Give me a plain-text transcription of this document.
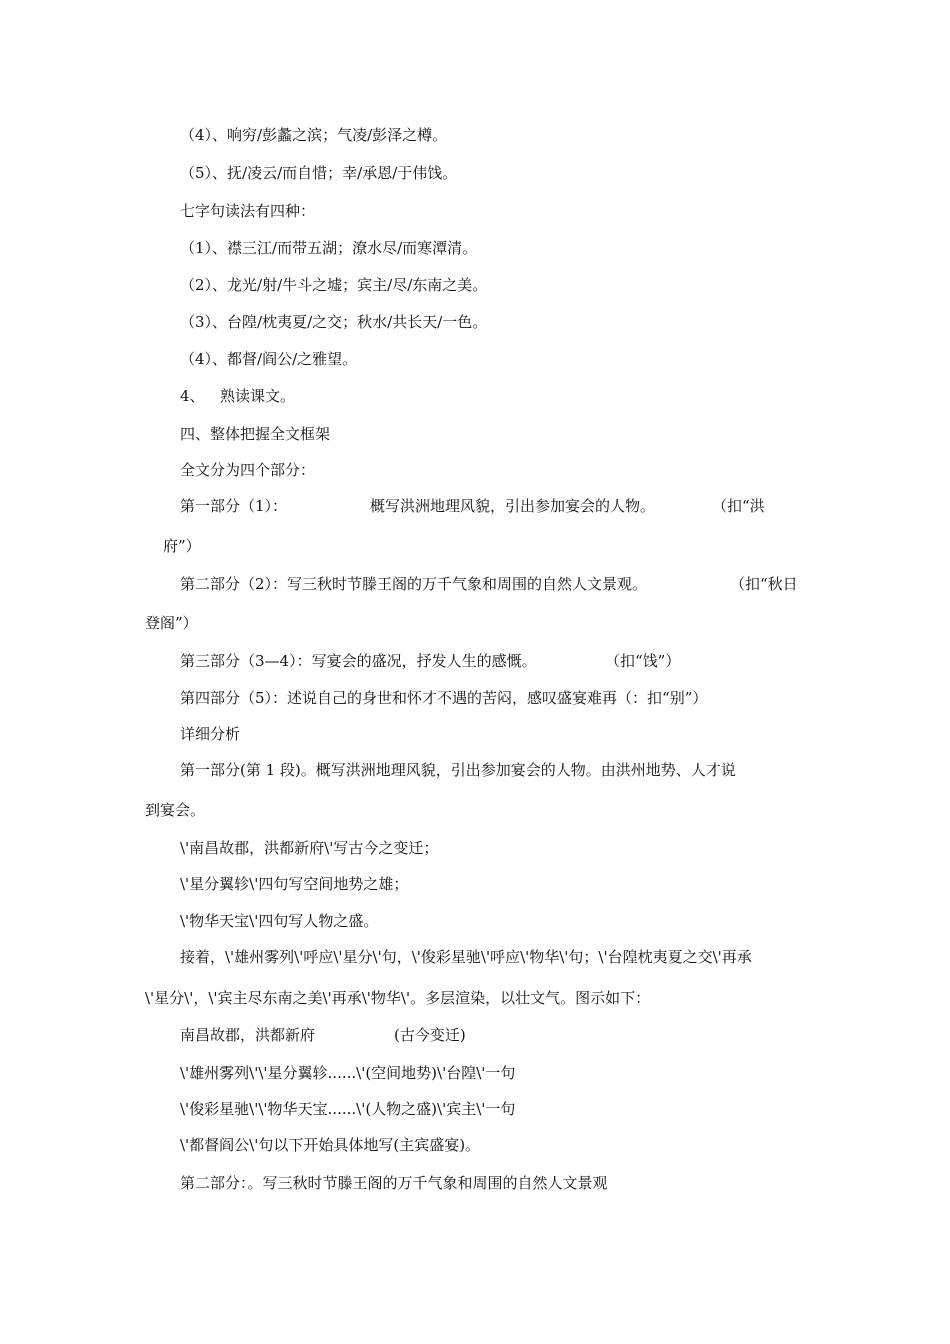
（4）、响穷/彭蠡之滨；气凌/彭泽之樽。
（5）、抚/凌云/而自惜；幸/承恩/于伟饯。
七字句读法有四种：
（1）、襟三江/而带五湖；潦水尽/而寒潭清。
（2）、龙光/射/牛斗之墟；宾主/尽/东南之美。
（3）、台隍/枕夷夏/之交；秋水/共长天/一色。
（4）、都督/阎公/之雅望。
4、 熟读课文。
四、整体把握全文框架
全文分为四个部分：
第一部分（1）：	概写洪洲地理风貌，引出参加宴会的人物。	（扣“洪
府”）
第二部分（2）：写三秋时节滕王阁的万千气象和周围的自然人文景观。	（扣“秋日
登阁”）
第三部分（3—4）：写宴会的盛况，抒发人生的感慨。	（扣“饯”）
第四部分（5）：述说自己的身世和怀才不遇的苦闷，感叹盛宴难再（：扣“别”）
详细分析
第一部分(第 1 段)。概写洪洲地理风貌，引出参加宴会的人物。由洪州地势、人才说
到宴会。
\'南昌故郡，洪都新府\'写古今之变迁；
\'星分翼轸\'四句写空间地势之雄；
\'物华天宝\'四句写人物之盛。
接着，\'雄州雾列\'呼应\'星分\'句，\'俊彩星驰\'呼应\'物华\'句；\'台隍枕夷夏之交\'再承
\'星分\'，\'宾主尽东南之美\'再承\'物华\'。多层渲染，以壮文气。图示如下：
南昌故郡，洪都新府	(古今变迁)
\'雄州雾列\'\'星分翼轸......\'(空间地势)\'台隍\'一句
\'俊彩星驰\'\'物华天宝......\'(人物之盛)\'宾主\'一句
\'都督阎公\'句以下开始具体地写(主宾盛宴)。
第二部分：。写三秋时节滕王阁的万千气象和周围的自然人文景观
